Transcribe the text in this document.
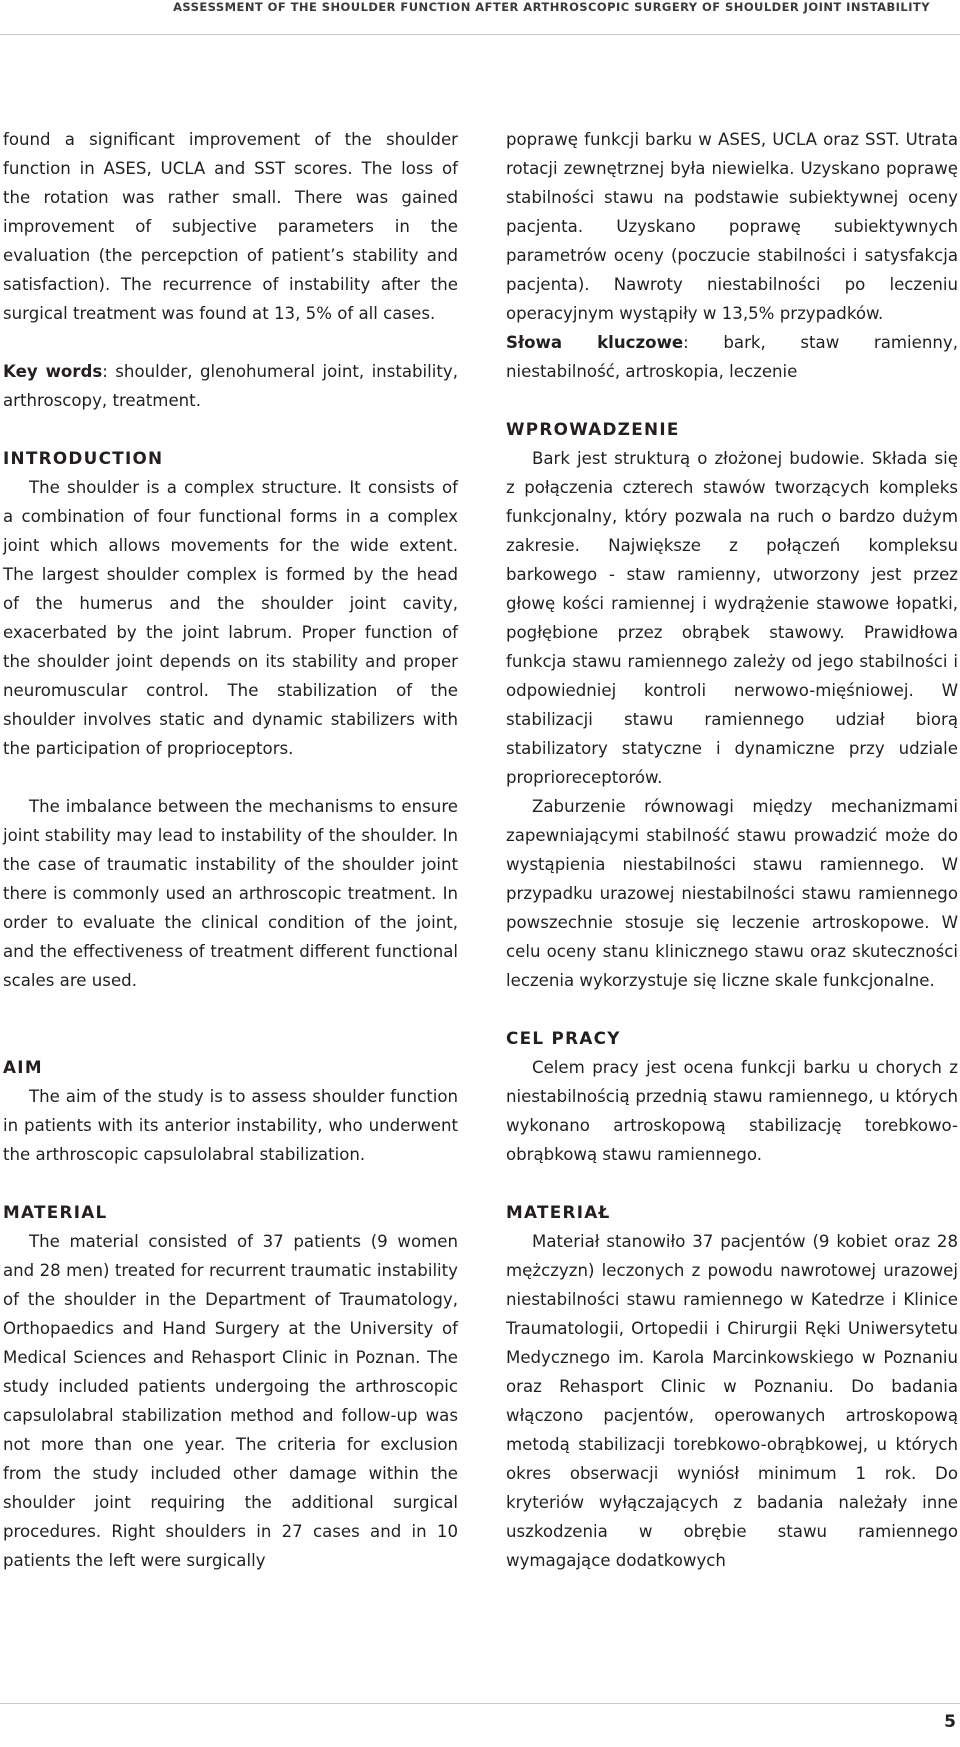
ASSESSMENT OF THE SHOULDER FUNCTION AFTER ARTHROSCOPIC SURGERY OF SHOULDER JOINT INSTABILITY

found a significant improvement of the shoulder function in ASES, UCLA and SST scores. The loss of the rotation was rather small. There was gained improvement of subjective parameters in the evaluation (the percepction of patient’s stability and satisfaction). The recurrence of instability after the surgical treatment was found at 13, 5% of all cases.

Key words: shoulder, glenohumeral joint, instability, arthroscopy, treatment.

INTRODUCTION

The shoulder is a complex structure. It consists of a combination of four functional forms in a complex joint which allows movements for the wide extent. The largest shoulder complex is formed by the head of the humerus and the shoulder joint cavity, exacerbated by the joint labrum. Proper function of the shoulder joint depends on its stability and proper neuromuscular control. The stabilization of the shoulder involves static and dynamic stabilizers with the participation of proprioceptors.

The imbalance between the mechanisms to ensure joint stability may lead to instability of the shoulder. In the case of traumatic instability of the shoulder joint there is commonly used an arthroscopic treatment. In order to evaluate the clinical condition of the joint, and the effectiveness of treatment different functional scales are used.

AIM

The aim of the study is to assess shoulder function in patients with its anterior instability, who underwent the arthroscopic capsulolabral stabilization.

MATERIAL

The material consisted of 37 patients (9 women and 28 men) treated for recurrent traumatic instability of the shoulder in the Department of Traumatology, Orthopaedics and Hand Surgery at the University of Medical Sciences and Rehasport Clinic in Poznan. The study included patients undergoing the arthroscopic capsulolabral stabilization method and follow-up was not more than one year. The criteria for exclusion from the study included other damage within the shoulder joint requiring the additional surgical procedures. Right shoulders in 27 cases and in 10 patients the left were surgically

poprawę funkcji barku w ASES, UCLA oraz SST. Utrata rotacji zewnętrznej była niewielka. Uzyskano poprawę stabilności stawu na podstawie subiektywnej oceny pacjenta. Uzyskano poprawę subiektywnych parametrów oceny (poczucie stabilności i satysfakcja pacjenta). Nawroty niestabilności po leczeniu operacyjnym wystąpiły w 13,5% przypadków.

Słowa kluczowe: bark, staw ramienny, niestabilność, artroskopia, leczenie

WPROWADZENIE

Bark jest strukturą o złożonej budowie. Składa się z połączenia czterech stawów tworzących kompleks funkcjonalny, który pozwala na ruch o bardzo dużym zakresie. Największe z połączeń kompleksu barkowego - staw ramienny, utworzony jest przez głowę kości ramiennej i wydrążenie stawowe łopatki, pogłębione przez obrąbek stawowy. Prawidłowa funkcja stawu ramiennego zależy od jego stabilności i odpowiedniej kontroli nerwowo-mięśniowej. W stabilizacji stawu ramiennego udział biorą stabilizatory statyczne i dynamiczne przy udziale proprioreceptorów.

Zaburzenie równowagi między mechanizmami zapewniającymi stabilność stawu prowadzić może do wystąpienia niestabilności stawu ramiennego. W przypadku urazowej niestabilności stawu ramiennego powszechnie stosuje się leczenie artroskopowe. W celu oceny stanu klinicznego stawu oraz skuteczności leczenia wykorzystuje się liczne skale funkcjonalne.

CEL PRACY

Celem pracy jest ocena funkcji barku u chorych z niestabilnością przednią stawu ramiennego, u których wykonano artroskopową stabilizację torebkowo-obrąbkową stawu ramiennego.

MATERIAŁ

Materiał stanowiło 37 pacjentów (9 kobiet oraz 28 mężczyzn) leczonych z powodu nawrotowej urazowej niestabilności stawu ramiennego w Katedrze i Klinice Traumatologii, Ortopedii i Chirurgii Ręki Uniwersytetu Medycznego im. Karola Marcinkowskiego w Poznaniu oraz Rehasport Clinic w Poznaniu. Do badania włączono pacjentów, operowanych artroskopową metodą stabilizacji torebkowo-obrąbkowej, u których okres obserwacji wyniósł minimum 1 rok. Do kryteriów wyłączających z badania należały inne uszkodzenia w obrębie stawu ramiennego wymagające dodatkowych

5
